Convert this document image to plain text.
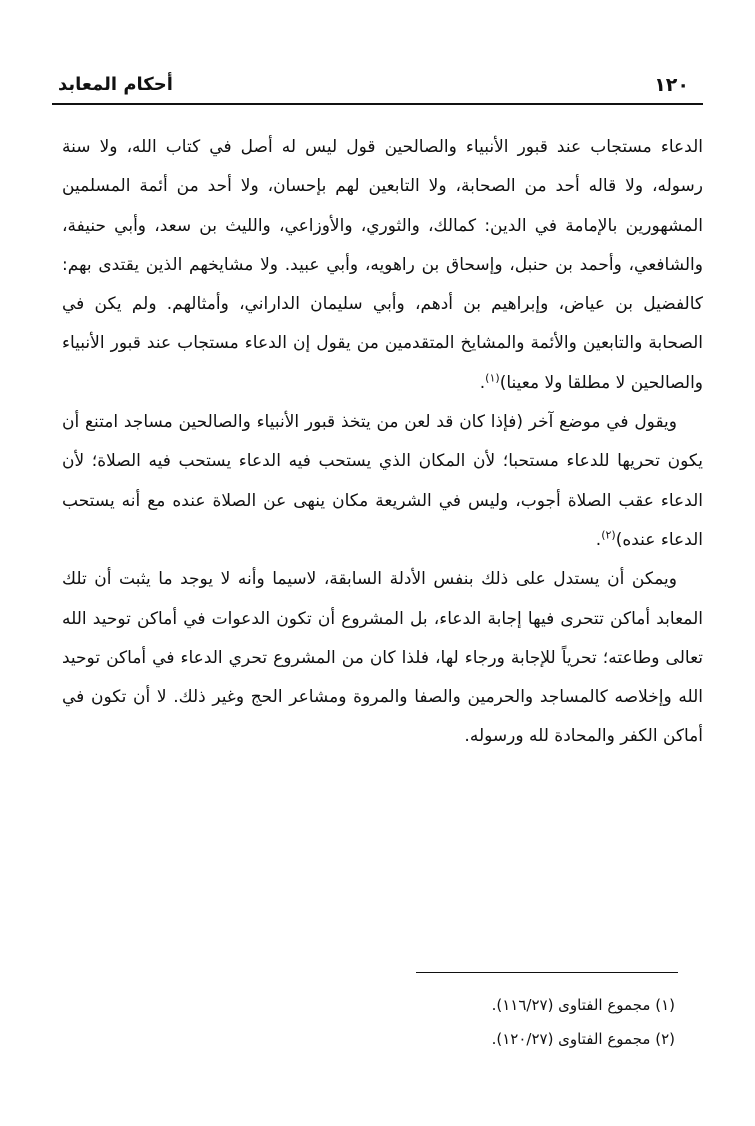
١٢٠
أحكام المعابد

الدعاء مستجاب عند قبور الأنبياء والصالحين قول ليس له أصل في كتاب الله، ولا سنة رسوله، ولا قاله أحد من الصحابة، ولا التابعين لهم بإحسان، ولا أحد من أئمة المسلمين المشهورين بالإمامة في الدين: كمالك، والثوري، والأوزاعي، والليث بن سعد، وأبي حنيفة، والشافعي، وأحمد بن حنبل، وإسحاق بن راهويه، وأبي عبيد. ولا مشايخهم الذين يقتدى بهم: كالفضيل بن عياض، وإبراهيم بن أدهم، وأبي سليمان الداراني، وأمثالهم. ولم يكن في الصحابة والتابعين والأئمة والمشايخ المتقدمين من يقول إن الدعاء مستجاب عند قبور الأنبياء والصالحين لا مطلقا ولا معينا)$^{(١)}$.

ويقول في موضع آخر (فإذا كان قد لعن من يتخذ قبور الأنبياء والصالحين مساجد امتنع أن يكون تحريها للدعاء مستحبا؛ لأن المكان الذي يستحب فيه الدعاء يستحب فيه الصلاة؛ لأن الدعاء عقب الصلاة أجوب، وليس في الشريعة مكان ينهى عن الصلاة عنده مع أنه يستحب الدعاء عنده)$^{(٢)}$.

ويمكن أن يستدل على ذلك بنفس الأدلة السابقة، لاسيما وأنه لا يوجد ما يثبت أن تلك المعابد أماكن تتحرى فيها إجابة الدعاء، بل المشروع أن تكون الدعوات في أماكن توحيد الله تعالى وطاعته؛ تحرياً للإجابة ورجاء لها، فلذا كان من المشروع تحري الدعاء في أماكن توحيد الله وإخلاصه كالمساجد والحرمين والصفا والمروة ومشاعر الحج وغير ذلك. لا أن تكون في أماكن الكفر والمحادة لله ورسوله.

(١) مجموع الفتاوى (١١٦/٢٧).

(٢) مجموع الفتاوى (١٢٠/٢٧).
